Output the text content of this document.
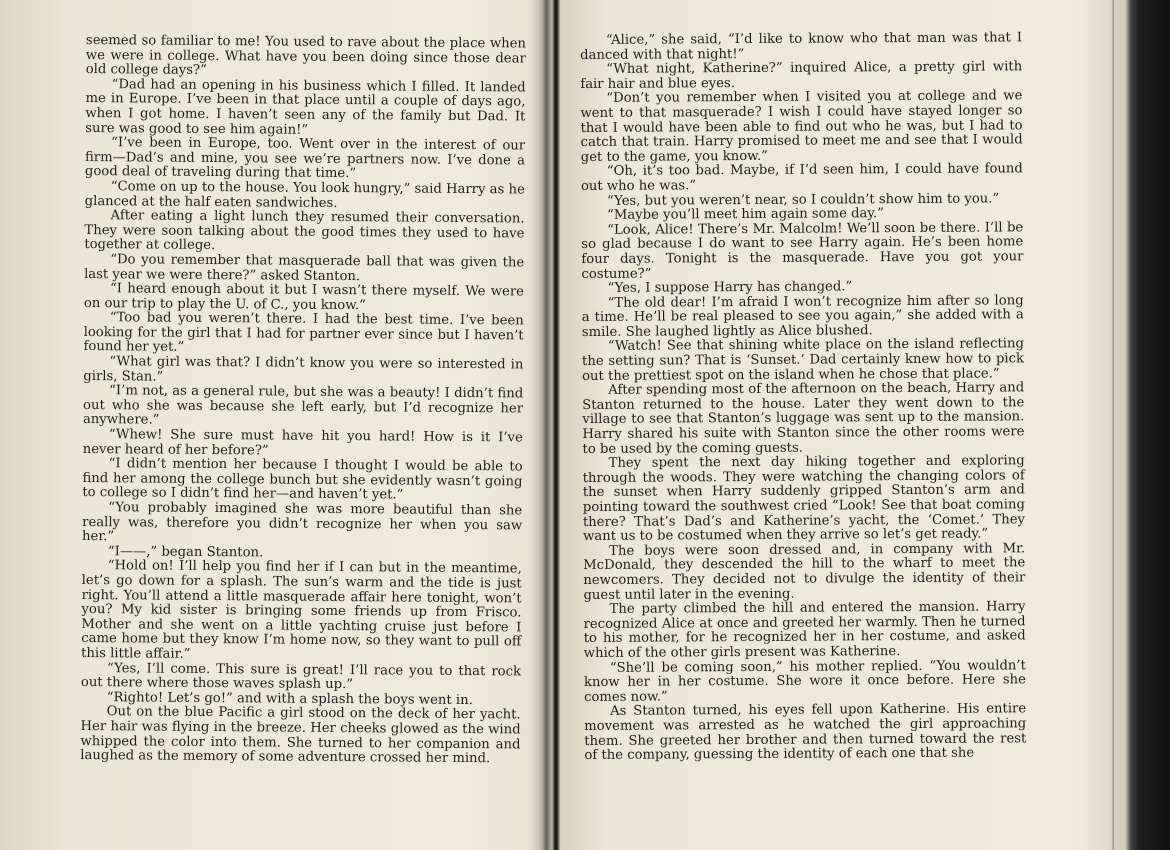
seemed so familiar to me! You used to rave about the place when we were in college. What have you been doing since those dear old college days?”

“Dad had an opening in his business which I filled. It landed me in Europe. I’ve been in that place until a couple of days ago, when I got home. I haven’t seen any of the family but Dad. It sure was good to see him again!”

“I’ve been in Europe, too. Went over in the interest of our firm—Dad’s and mine, you see we’re partners now. I’ve done a good deal of traveling during that time.”

“Come on up to the house. You look hungry,” said Harry as he glanced at the half eaten sandwiches.

After eating a light lunch they resumed their conversation. They were soon talking about the good times they used to have together at college.

“Do you remember that masquerade ball that was given the last year we were there?” asked Stanton.

“I heard enough about it but I wasn’t there myself. We were on our trip to play the U. of C., you know.”

“Too bad you weren’t there. I had the best time. I’ve been looking for the girl that I had for partner ever since but I haven’t found her yet.”

“What girl was that? I didn’t know you were so interested in girls, Stan.”

“I’m not, as a general rule, but she was a beauty! I didn’t find out who she was because she left early, but I’d recognize her anywhere.”

“Whew! She sure must have hit you hard! How is it I’ve never heard of her before?”

“I didn’t mention her because I thought I would be able to find her among the college bunch but she evidently wasn’t going to college so I didn’t find her—and haven’t yet.”

“You probably imagined she was more beautiful than she really was, therefore you didn’t recognize her when you saw her.”

“I——,” began Stanton.

“Hold on! I’ll help you find her if I can but in the meantime, let’s go down for a splash. The sun’s warm and the tide is just right. You’ll attend a little masquerade affair here tonight, won’t you? My kid sister is bringing some friends up from Frisco. Mother and she went on a little yachting cruise just before I came home but they know I’m home now, so they want to pull off this little affair.”

“Yes, I’ll come. This sure is great! I’ll race you to that rock out there where those waves splash up.”

“Righto! Let’s go!” and with a splash the boys went in.

Out on the blue Pacific a girl stood on the deck of her yacht. Her hair was flying in the breeze. Her cheeks glowed as the wind whipped the color into them. She turned to her companion and laughed as the memory of some adventure crossed her mind.

“Alice,” she said, “I’d like to know who that man was that I danced with that night!”

“What night, Katherine?” inquired Alice, a pretty girl with fair hair and blue eyes.

“Don’t you remember when I visited you at college and we went to that masquerade? I wish I could have stayed longer so that I would have been able to find out who he was, but I had to catch that train. Harry promised to meet me and see that I would get to the game, you know.”

“Oh, it’s too bad. Maybe, if I’d seen him, I could have found out who he was.”

“Yes, but you weren’t near, so I couldn’t show him to you.”

“Maybe you’ll meet him again some day.”

“Look, Alice! There’s Mr. Malcolm! We’ll soon be there. I’ll be so glad because I do want to see Harry again. He’s been home four days. Tonight is the masquerade. Have you got your costume?”

“Yes, I suppose Harry has changed.”

“The old dear! I’m afraid I won’t recognize him after so long a time. He’ll be real pleased to see you again,” she added with a smile. She laughed lightly as Alice blushed.

“Watch! See that shining white place on the island reflecting the setting sun? That is ‘Sunset.’ Dad certainly knew how to pick out the prettiest spot on the island when he chose that place.”

After spending most of the afternoon on the beach, Harry and Stanton returned to the house. Later they went down to the village to see that Stanton’s luggage was sent up to the mansion. Harry shared his suite with Stanton since the other rooms were to be used by the coming guests.

They spent the next day hiking together and exploring through the woods. They were watching the changing colors of the sunset when Harry suddenly gripped Stanton’s arm and pointing toward the southwest cried “Look! See that boat coming there? That’s Dad’s and Katherine’s yacht, the ‘Comet.’ They want us to be costumed when they arrive so let’s get ready.”

The boys were soon dressed and, in company with Mr. McDonald, they descended the hill to the wharf to meet the newcomers. They decided not to divulge the identity of their guest until later in the evening.

The party climbed the hill and entered the mansion. Harry recognized Alice at once and greeted her warmly. Then he turned to his mother, for he recognized her in her costume, and asked which of the other girls present was Katherine.

“She’ll be coming soon,” his mother replied. “You wouldn’t know her in her costume. She wore it once before. Here she comes now.”

As Stanton turned, his eyes fell upon Katherine. His entire movement was arrested as he watched the girl approaching them. She greeted her brother and then turned toward the rest of the company, guessing the identity of each one that she
